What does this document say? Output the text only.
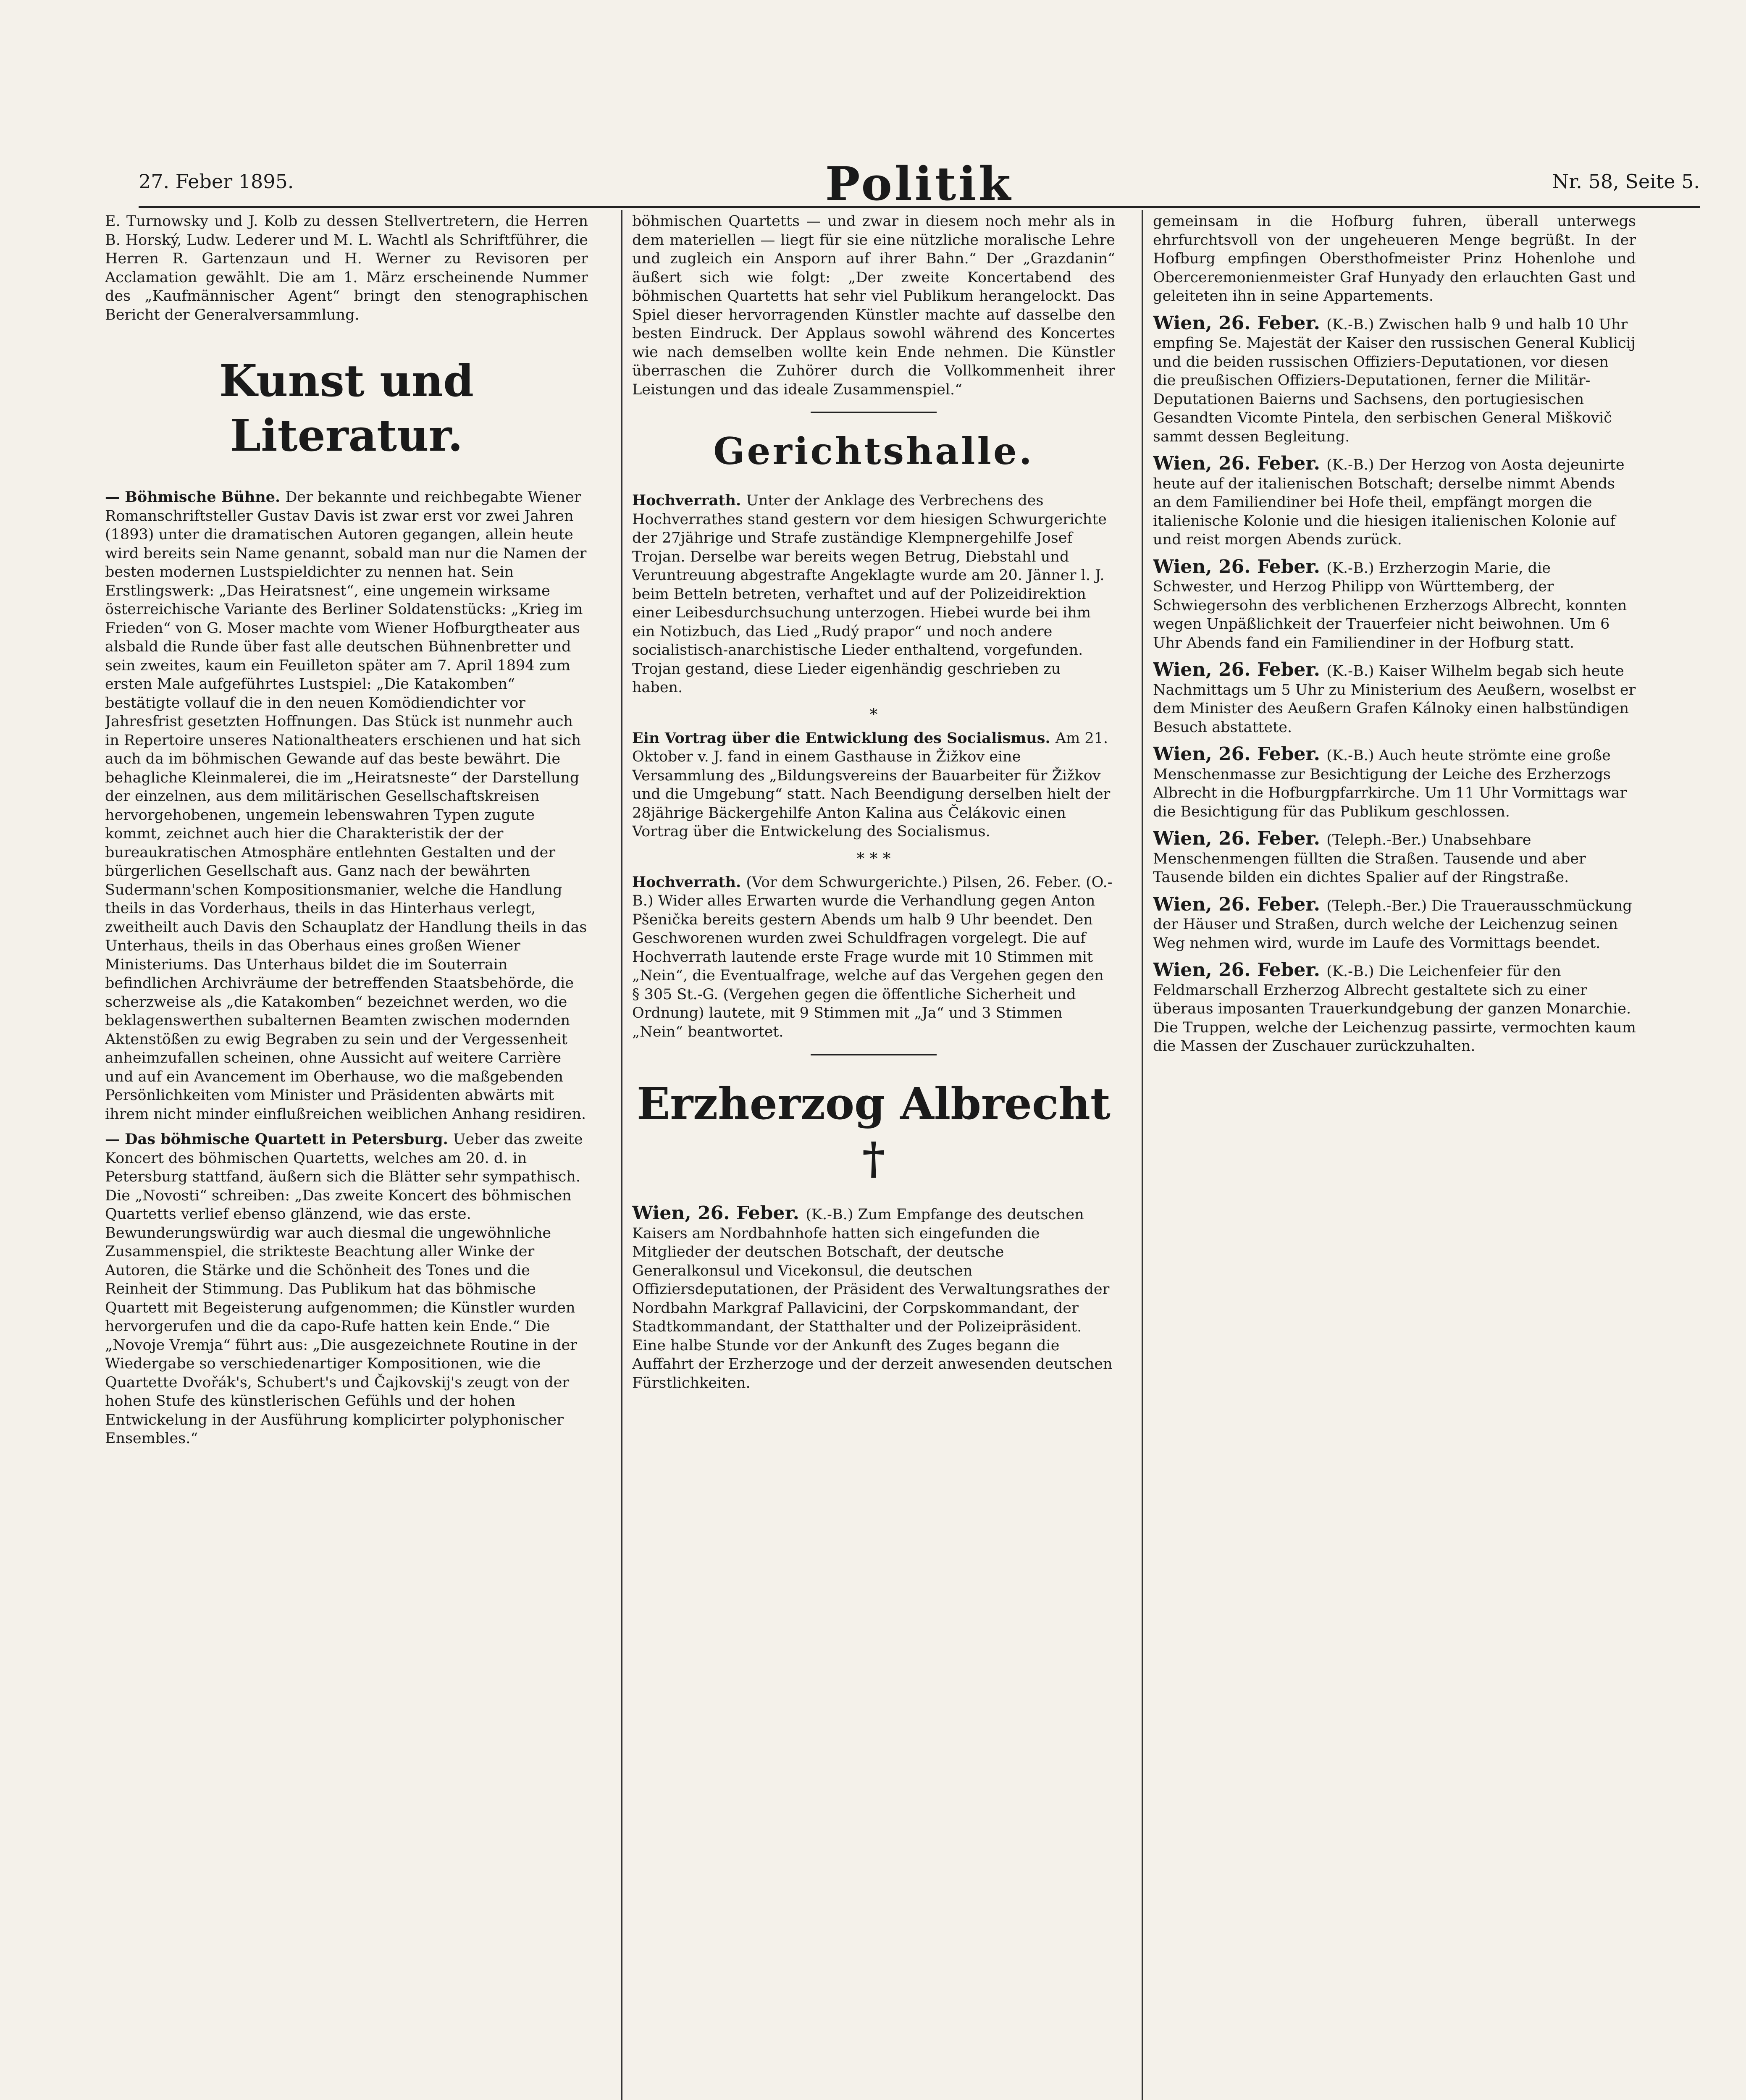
27. Feber 1895.	Politik	Nr. 58, Seite 5.

E. Turnowsky und J. Kolb zu dessen Stellvertretern, die Herren B. Horský, Ludw. Lederer und M. L. Wachtl als Schriftführer, die Herren R. Gartenzaun und H. Werner zu Revisoren per Acclamation gewählt. Die am 1. März erscheinende Nummer des „Kaufmännischer Agent“ bringt den stenographischen Bericht der Generalversammlung.

Kunst und Literatur.
— Böhmische Bühne. Der bekannte und reichbegabte Wiener Romanschriftsteller Gustav Davis ist zwar erst vor zwei Jahren (1893) unter die dramatischen Autoren gegangen, allein heute wird bereits sein Name genannt, sobald man nur die Namen der besten modernen Lustspieldichter zu nennen hat. Sein Erstlingswerk: „Das Heiratsnest“, eine ungemein wirksame österreichische Variante des Berliner Soldatenstücks: „Krieg im Frieden“ von G. Moser machte vom Wiener Hofburgtheater aus alsbald die Runde über fast alle deutschen Bühnenbretter und sein zweites, kaum ein Feuilleton später am 7. April 1894 zum ersten Male aufgeführtes Lustspiel: „Die Katakomben“ bestätigte vollauf die in den neuen Komödiendichter vor Jahresfrist gesetzten Hoffnungen. Das Stück ist nunmehr auch in Repertoire unseres Nationaltheaters erschienen und hat sich auch da im böhmischen Gewande auf das beste bewährt. Die behagliche Kleinmalerei, die im „Heiratsneste“ der Darstellung der einzelnen, aus dem militärischen Gesellschaftskreisen hervorgehobenen, ungemein lebenswahren Typen zugute kommt, zeichnet auch hier die Charakteristik der der bureaukratischen Atmosphäre entlehnten Gestalten und der bürgerlichen Gesellschaft aus. Ganz nach der bewährten Sudermann'schen Kompositionsmanier, welche die Handlung theils in das Vorderhaus, theils in das Hinterhaus verlegt, zweitheilt auch Davis den Schauplatz der Handlung theils in das Unterhaus, theils in das Oberhaus eines großen Wiener Ministeriums. Das Unterhaus bildet die im Souterrain befindlichen Archivräume der betreffenden Staatsbehörde, die scherzweise als „die Katakomben“ bezeichnet werden, wo die beklagenswerthen subalternen Beamten zwischen modernden Aktenstößen zu ewig Begraben zu sein und der Vergessenheit anheimzufallen scheinen, ohne Aussicht auf weitere Carrière und auf ein Avancement im Oberhause, wo die maßgebenden Persönlichkeiten vom Minister und Präsidenten abwärts mit ihrem nicht minder einflußreichen weiblichen Anhang residiren.
— Das böhmische Quartett in Petersburg. Ueber das zweite Koncert des böhmischen Quartetts, welches am 20. d. in Petersburg stattfand, äußern sich die Blätter sehr sympathisch. Die „Novosti“ schreiben: „Das zweite Koncert des böhmischen Quartetts verlief ebenso glänzend, wie das erste. Bewunderungswürdig war auch diesmal die ungewöhnliche Zusammenspiel, die strikteste Beachtung aller Winke der Autoren, die Stärke und die Schönheit des Tones und die Reinheit der Stimmung. Das Publikum hat das böhmische Quartett mit Begeisterung aufgenommen; die Künstler wurden hervorgerufen und die da capo-Rufe hatten kein Ende.“ Die „Novoje Vremja“ führt aus: „Die ausgezeichnete Routine in der Wiedergabe so verschiedenartiger Kompositionen, wie die Quartette Dvořák's, Schubert's und Čajkovskij's zeugt von der hohen Stufe des künstlerischen Gefühls und der hohen Entwickelung in der Ausführung komplicirter polyphonischer Ensembles.“

böhmischen Quartetts — und zwar in diesem noch mehr als in dem materiellen — liegt für sie eine nützliche moralische Lehre und zugleich ein Ansporn auf ihrer Bahn.“ Der „Grazdanin“ äußert sich wie folgt: „Der zweite Koncertabend des böhmischen Quartetts hat sehr viel Publikum herangelockt. Das Spiel dieser hervorragenden Künstler machte auf dasselbe den besten Eindruck. Der Applaus sowohl während des Koncertes wie nach demselben wollte kein Ende nehmen. Die Künstler überraschen die Zuhörer durch die Vollkommenheit ihrer Leistungen und das ideale Zusammenspiel.“

Gerichtshalle.
Hochverrath. Unter der Anklage des Verbrechens des Hochverrathes stand gestern vor dem hiesigen Schwurgerichte der 27jährige und Strafe zuständige Klempnergehilfe Josef Trojan. Derselbe war bereits wegen Betrug, Diebstahl und Veruntreuung abgestrafte Angeklagte wurde am 20. Jänner l. J. beim Betteln betreten, verhaftet und auf der Polizeidirektion einer Leibesdurchsuchung unterzogen. Hiebei wurde bei ihm ein Notizbuch, das Lied „Rudý prapor“ und noch andere socialistisch-anarchistische Lieder enthaltend, vorgefunden. Trojan gestand, diese Lieder eigenhändig geschrieben zu haben.
*
Ein Vortrag über die Entwicklung des Socialismus. Am 21. Oktober v. J. fand in einem Gasthause in Žižkov eine Versammlung des „Bildungsvereins der Bauarbeiter für Žižkov und die Umgebung“ statt. Nach Beendigung derselben hielt der 28jährige Bäckergehilfe Anton Kalina aus Čelákovic einen Vortrag über die Entwickelung des Socialismus.
* * *
Hochverrath. (Vor dem Schwurgerichte.) Pilsen, 26. Feber. (O.-B.) Wider alles Erwarten wurde die Verhandlung gegen Anton Pšenička bereits gestern Abends um halb 9 Uhr beendet. Den Geschworenen wurden zwei Schuldfragen vorgelegt. Die auf Hochverrath lautende erste Frage wurde mit 10 Stimmen mit „Nein“, die Eventualfrage, welche auf das Vergehen gegen den § 305 St.-G. (Vergehen gegen die öffentliche Sicherheit und Ordnung) lautete, mit 9 Stimmen mit „Ja“ und 3 Stimmen „Nein“ beantwortet.
Erzherzog Albrecht †
Wien, 26. Feber. (K.-B.) Zum Empfange des deutschen Kaisers am Nordbahnhofe hatten sich eingefunden die Mitglieder der deutschen Botschaft, der deutsche Generalkonsul und Vicekonsul, die deutschen Offiziersdeputationen, der Präsident des Verwaltungsrathes der Nordbahn Markgraf Pallavicini, der Corpskommandant, der Stadtkommandant, der Statthalter und der Polizeipräsident. Eine halbe Stunde vor der Ankunft des Zuges begann die Auffahrt der Erzherzoge und der derzeit anwesenden deutschen Fürstlichkeiten.

gemeinsam in die Hofburg fuhren, überall unterwegs ehrfurchtsvoll von der ungeheueren Menge begrüßt. In der Hofburg empfingen Obersthofmeister Prinz Hohenlohe und Oberceremonienmeister Graf Hunyady den erlauchten Gast und geleiteten ihn in seine Appartements.

Wien, 26. Feber. (K.-B.) Zwischen halb 9 und halb 10 Uhr empfing Se. Majestät der Kaiser den russischen General Kublicij und die beiden russischen Offiziers-Deputationen, vor diesen die preußischen Offiziers-Deputationen, ferner die Militär-Deputationen Baierns und Sachsens, den portugiesischen Gesandten Vicomte Pintela, den serbischen General Miškovič sammt dessen Begleitung.
Wien, 26. Feber. (K.-B.) Der Herzog von Aosta dejeunirte heute auf der italienischen Botschaft; derselbe nimmt Abends an dem Familiendiner bei Hofe theil, empfängt morgen die italienische Kolonie und die hiesigen italienischen Kolonie auf und reist morgen Abends zurück.
Wien, 26. Feber. (K.-B.) Erzherzogin Marie, die Schwester, und Herzog Philipp von Württemberg, der Schwiegersohn des verblichenen Erzherzogs Albrecht, konnten wegen Unpäßlichkeit der Trauerfeier nicht beiwohnen. Um 6 Uhr Abends fand ein Familiendiner in der Hofburg statt.
Wien, 26. Feber. (K.-B.) Kaiser Wilhelm begab sich heute Nachmittags um 5 Uhr zu Ministerium des Aeußern, woselbst er dem Minister des Aeußern Grafen Kálnoky einen halbstündigen Besuch abstattete.
Wien, 26. Feber. (K.-B.) Auch heute strömte eine große Menschenmasse zur Besichtigung der Leiche des Erzherzogs Albrecht in die Hofburgpfarrkirche. Um 11 Uhr Vormittags war die Besichtigung für das Publikum geschlossen.
Wien, 26. Feber. (Teleph.-Ber.) Unabsehbare Menschenmengen füllten die Straßen. Tausende und aber Tausende bilden ein dichtes Spalier auf der Ringstraße.
Wien, 26. Feber. (Teleph.-Ber.) Die Trauerausschmückung der Häuser und Straßen, durch welche der Leichenzug seinen Weg nehmen wird, wurde im Laufe des Vormittags beendet.
Wien, 26. Feber. (K.-B.) Die Leichenfeier für den Feldmarschall Erzherzog Albrecht gestaltete sich zu einer überaus imposanten Trauerkundgebung der ganzen Monarchie. Die Truppen, welche der Leichenzug passirte, vermochten kaum die Massen der Zuschauer zurückzuhalten.
